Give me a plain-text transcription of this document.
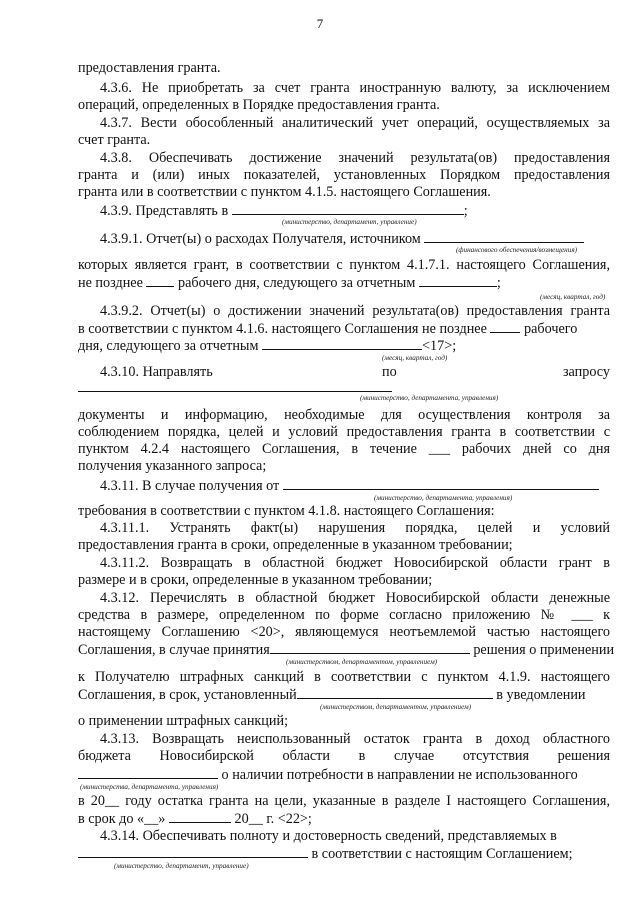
7
предоставления гранта.
4.3.6. Не приобретать за счет гранта иностранную валюту, за исключением
операций, определенных в Порядке предоставления гранта.
4.3.7. Вести обособленный аналитический учет операций, осуществляемых за
счет гранта.
4.3.8. Обеспечивать достижение значений результата(ов) предоставления
гранта и (или) иных показателей, установленных Порядком предоставления
гранта или в соответствии с пунктом 4.1.5. настоящего Соглашения.
4.3.9. Представлять в	;
(министерство, департамент, управление)
4.3.9.1. Отчет(ы) о расходах Получателя, источником
(финансового обеспечения/возмещения)
которых является грант, в соответствии с пунктом 4.1.7.1. настоящего Соглашения,
не позднее рабочего дня, следующего за отчетным	;
(месяц, квартал, год)
4.3.9.2. Отчет(ы) о достижении значений результата(ов) предоставления гранта
в соответствии с пунктом 4.1.6. настоящего Соглашения не позднее	рабочего
дня, следующего за отчетным	<17>;
(месяц, квартал, год)
4.3.10. Направлять	по	запросу
(министерство, департамента, управления)
документы и информацию, необходимые для осуществления контроля за
соблюдением порядка, целей и условий предоставления гранта в соответствии с
пунктом 4.2.4 настоящего Соглашения, в течение ___ рабочих дней со дня
получения указанного запроса;
4.3.11. В случае получения от
(министерство, департамента, управления)
требования в соответствии с пунктом 4.1.8. настоящего Соглашения:
4.3.11.1. Устранять факт(ы) нарушения порядка, целей и условий
предоставления гранта в сроки, определенные в указанном требовании;
4.3.11.2. Возвращать в областной бюджет Новосибирской области грант в
размере и в сроки, определенные в указанном требовании;
4.3.12. Перечислять в областной бюджет Новосибирской области денежные
средства в размере, определенном по форме согласно приложению № ___ к
настоящему Соглашению <20>, являющемуся неотъемлемой частью настоящего
Соглашения, в случае принятия	решения о применении
(министерством, департаментом, управлением)
к Получателю штрафных санкций в соответствии с пунктом 4.1.9. настоящего
Соглашения, в срок, установленный	в уведомлении
(министерством, департаментом, управлением)
о применении штрафных санкций;
4.3.13. Возвращать неиспользованный остаток гранта в доход областного
бюджета Новосибирской области в случае отсутствия решения
о наличии потребности в направлении не использованного
(министерства, департамента, управления)
в 20__ году остатка гранта на цели, указанные в разделе I настоящего Соглашения,
в срок до «__»	20__ г. <22>;
4.3.14. Обеспечивать полноту и достоверность сведений, представляемых в
в соответствии с настоящим Соглашением;
(министерство, департамент, управление)
